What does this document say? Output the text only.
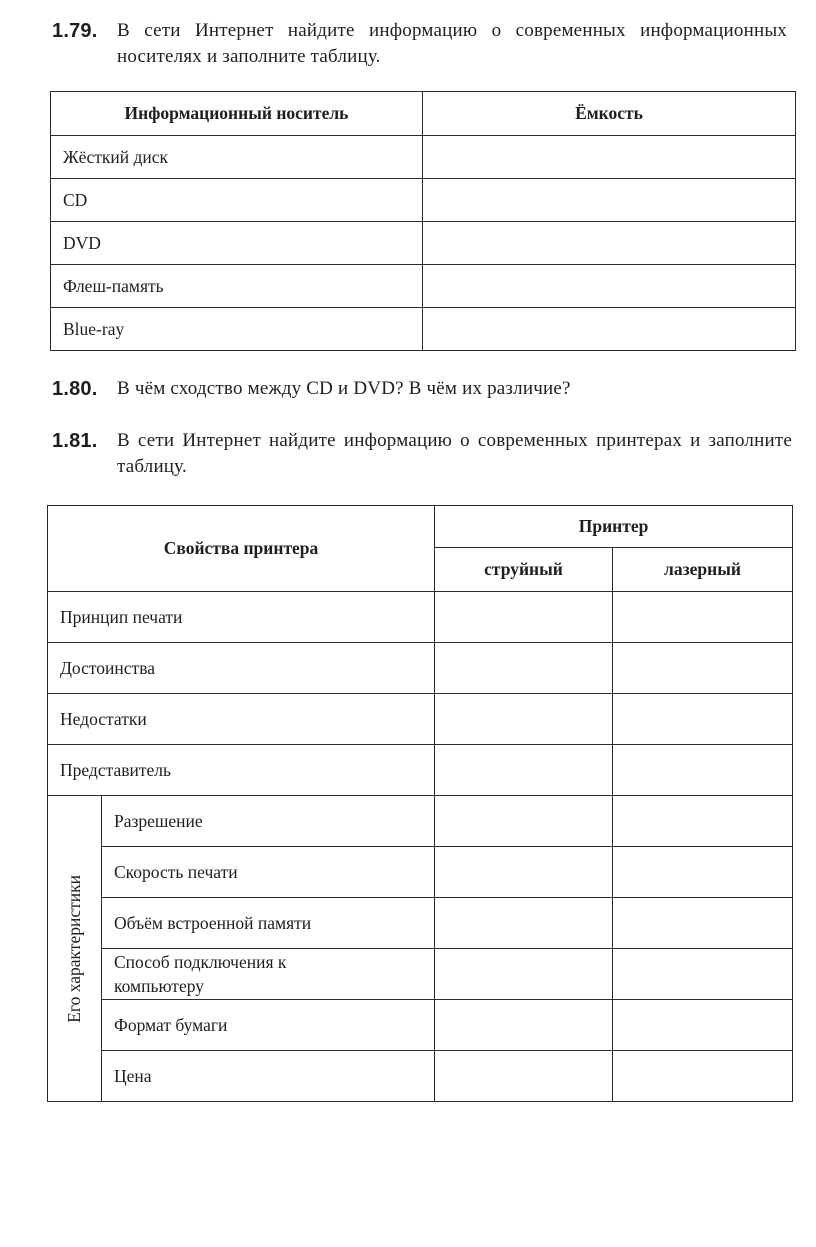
1.79. В сети Интернет найдите информацию о современных информационных носителях и заполните таблицу.
Информационный носитель	Ёмкость
Жёсткий диск	
CD	
DVD	
Флеш-память	
Blue-ray	
1.80. В чём сходство между CD и DVD? В чём их различие?
1.81. В сети Интернет найдите информацию о современных принтерах и заполните таблицу.
Свойства принтера		Принтер	
		струйный	лазерный
Принцип печати			
Достоинства			
Недостатки			
Представитель			
Его характеристики	Разрешение		
	Скорость печати		
	Объём встроенной памяти		
	Способ подключения к компьютеру		
	Формат бумаги		
	Цена		
